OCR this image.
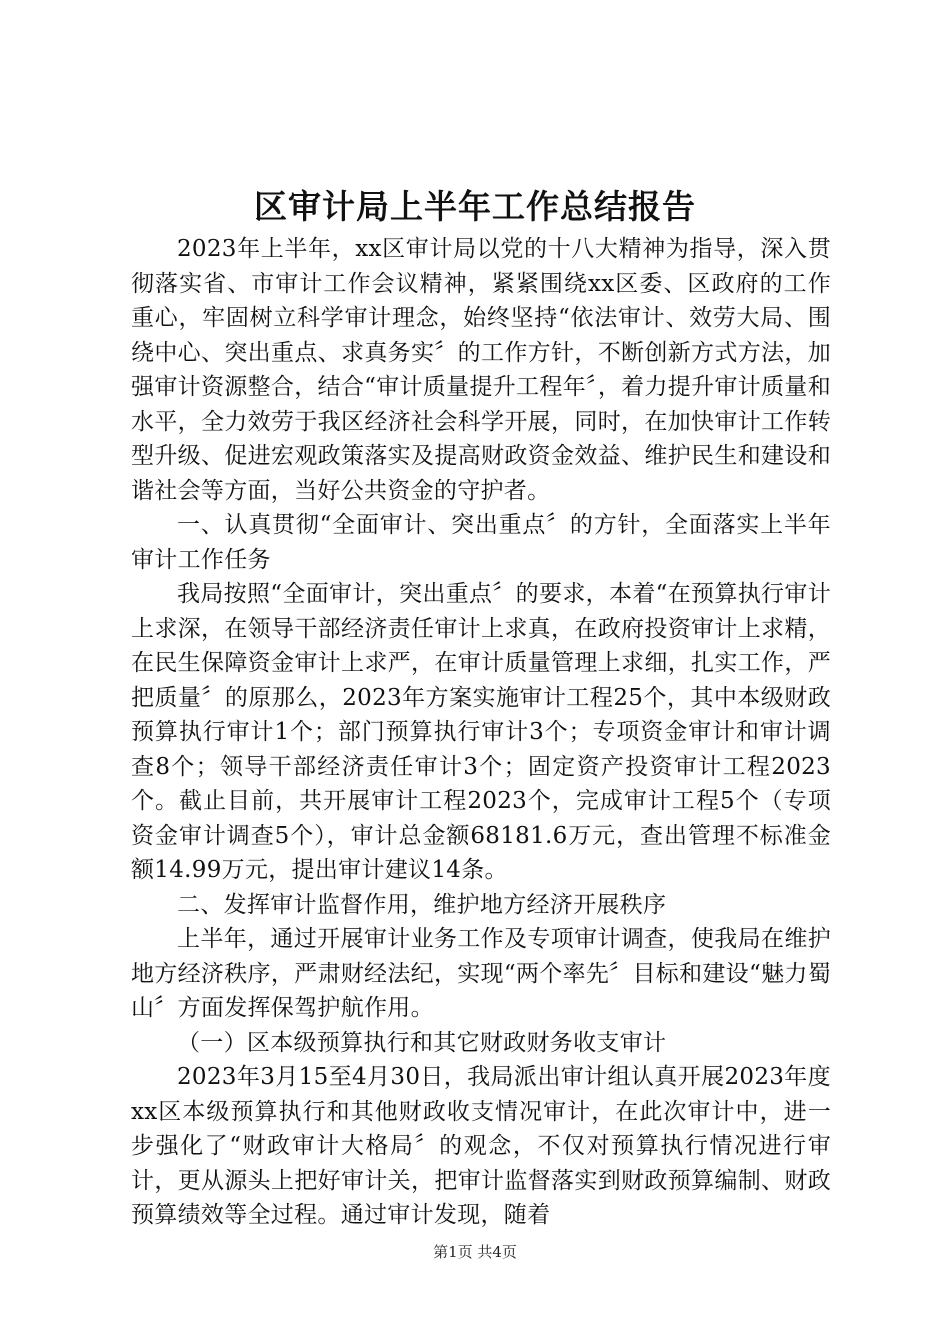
区审计局上半年工作总结报告

2023年上半年，xx区审计局以党的十八大精神为指导，深入贯彻落实省、市审计工作会议精神，紧紧围绕xx区委、区政府的工作重心，牢固树立科学审计理念，始终坚持“依法审计、效劳大局、围绕中心、突出重点、求真务实〞的工作方针，不断创新方式方法，加强审计资源整合，结合“审计质量提升工程年〞，着力提升审计质量和水平，全力效劳于我区经济社会科学开展，同时，在加快审计工作转型升级、促进宏观政策落实及提高财政资金效益、维护民生和建设和谐社会等方面，当好公共资金的守护者。

一、认真贯彻“全面审计、突出重点〞的方针，全面落实上半年审计工作任务

我局按照“全面审计，突出重点〞的要求，本着“在预算执行审计上求深，在领导干部经济责任审计上求真，在政府投资审计上求精，在民生保障资金审计上求严，在审计质量管理上求细，扎实工作，严把质量〞的原那么，2023年方案实施审计工程25个，其中本级财政预算执行审计1个；部门预算执行审计3个；专项资金审计和审计调查8个；领导干部经济责任审计3个；固定资产投资审计工程2023个。截止目前，共开展审计工程2023个，完成审计工程5个（专项资金审计调查5个），审计总金额68181.6万元，查出管理不标准金额14.99万元，提出审计建议14条。

二、发挥审计监督作用，维护地方经济开展秩序

上半年，通过开展审计业务工作及专项审计调查，使我局在维护地方经济秩序，严肃财经法纪，实现“两个率先〞目标和建设“魅力蜀山〞方面发挥保驾护航作用。

（一）区本级预算执行和其它财政财务收支审计

2023年3月15至4月30日，我局派出审计组认真开展2023年度xx区本级预算执行和其他财政收支情况审计，在此次审计中，进一步强化了“财政审计大格局〞的观念，不仅对预算执行情况进行审计，更从源头上把好审计关，把审计监督落实到财政预算编制、财政预算绩效等全过程。通过审计发现，随着

第1页 共4页
